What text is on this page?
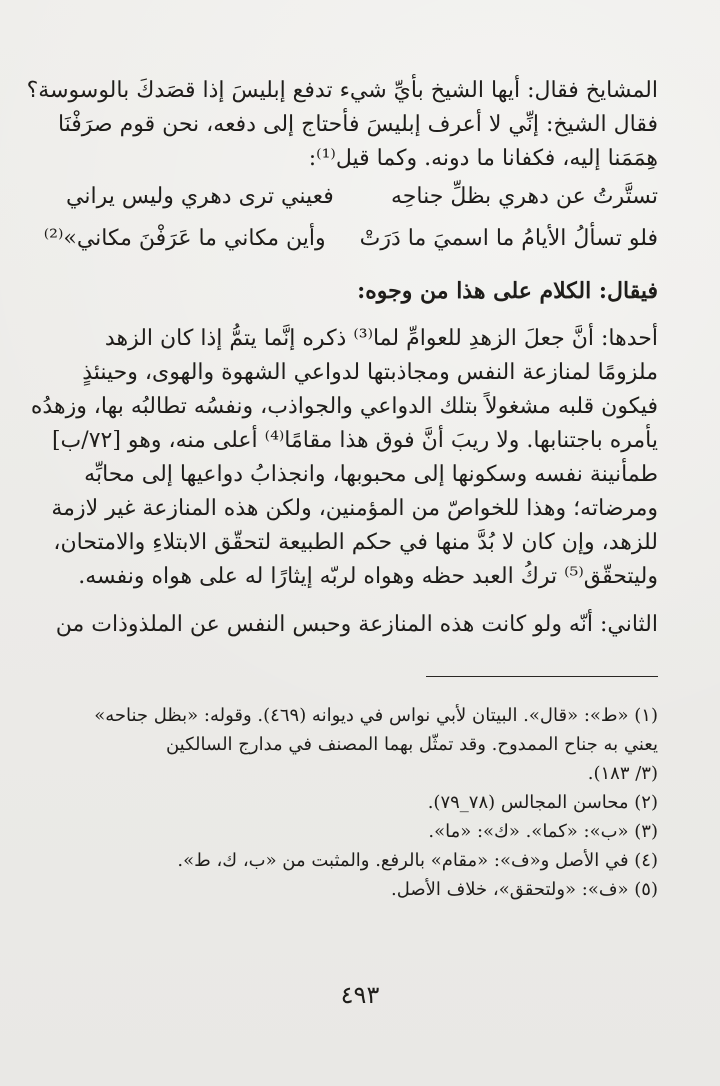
المشايخ فقال: أيها الشيخ بأيِّ شيء تدفع إبليسَ إذا قصَدكَ بالوسوسة؟
فقال الشيخ: إنِّي لا أعرف إبليسَ فأحتاج إلى دفعه، نحن قوم صرَفْنَا
هِمَمَنا إليه، فكفانا ما دونه. وكما قيل⁽¹⁾:
تستَّرتُ عن دهري بظلِّ جناحِه
فعيني ترى دهري وليس يراني
فلو تسألُ الأيامُ ما اسميَ ما دَرَتْ
وأين مكاني ما عَرَفْنَ مكاني»⁽²⁾
فيقال: الكلام على هذا من وجوه:
أحدها: أنَّ جعلَ الزهدِ للعوامِّ لما⁽³⁾ ذكره إنَّما يتمُّ إذا كان الزهد
ملزومًا لمنازعة النفس ومجاذبتها لدواعي الشهوة والهوى، وحينئذٍ
فيكون قلبه مشغولاً بتلك الدواعي والجواذب، ونفسُه تطالبُه بها، وزهدُه
يأمره باجتنابها. ولا ريبَ أنَّ فوق هذا مقامًا⁽⁴⁾ أعلى منه، وهو [٧٢/ب]
طمأنينة نفسه وسكونها إلى محبوبها، وانجذابُ دواعيها إلى محابِّه
ومرضاته؛ وهذا للخواصّ من المؤمنين، ولكن هذه المنازعة غير لازمة
للزهد، وإن كان لا بُدَّ منها في حكم الطبيعة لتحقّق الابتلاءِ والامتحان،
وليتحقّق⁽⁵⁾ تركُ العبد حظه وهواه لربّه إيثارًا له على هواه ونفسه.
الثاني: أنّه ولو كانت هذه المنازعة وحبس النفس عن الملذوذات من
(١) «ط»: «قال». البيتان لأبي نواس في ديوانه (٤٦٩). وقوله: «بظل جناحه»
يعني به جناح الممدوح. وقد تمثّل بهما المصنف في مدارج السالكين
(٣/ ١٨٣).
(٢) محاسن المجالس (٧٨_٧٩).
(٣) «ب»: «كما». «ك»: «ما».
(٤) في الأصل و«ف»: «مقام» بالرفع. والمثبت من «ب، ك، ط».
(٥) «ف»: «ولتحقق»، خلاف الأصل.
٤٩٣
